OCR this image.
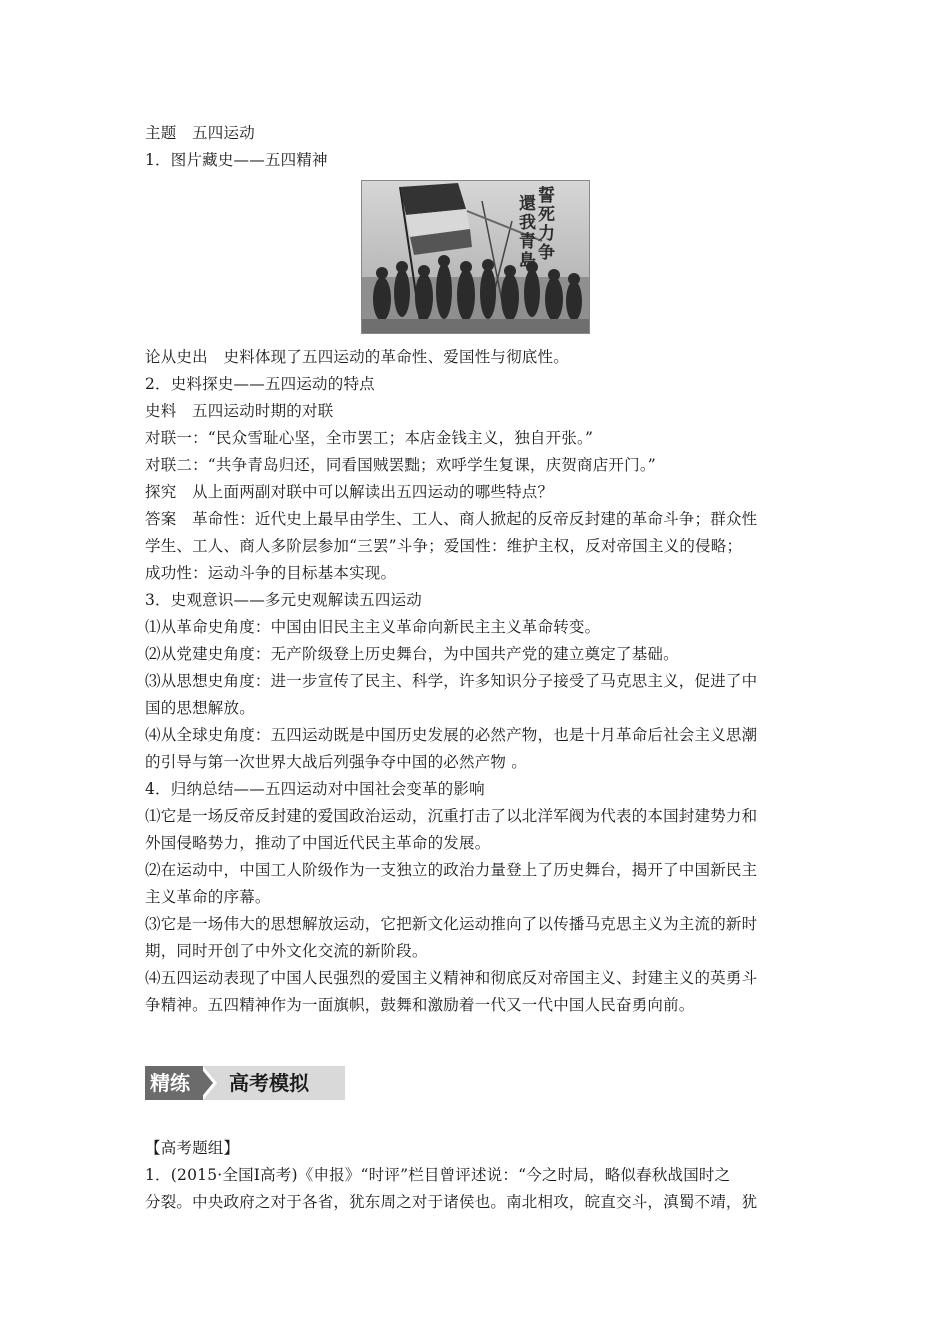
主题　五四运动
1．图片藏史——五四精神
誓死力争
還我青島
论从史出　史料体现了五四运动的革命性、爱国性与彻底性。
2．史料探史——五四运动的特点
史料　五四运动时期的对联
对联一：“民众雪耻心坚，全市罢工；本店金钱主义，独自开张。”
对联二：“共争青岛归还，同看国贼罢黜；欢呼学生复课，庆贺商店开门。”
探究　从上面两副对联中可以解读出五四运动的哪些特点？
答案　革命性：近代史上最早由学生、工人、商人掀起的反帝反封建的革命斗争；群众性
学生、工人、商人多阶层参加“三罢”斗争；爱国性：维护主权，反对帝国主义的侵略；
成功性：运动斗争的目标基本实现。
3．史观意识——多元史观解读五四运动
⑴从革命史角度：中国由旧民主主义革命向新民主主义革命转变。
⑵从党建史角度：无产阶级登上历史舞台，为中国共产党的建立奠定了基础。
⑶从思想史角度：进一步宣传了民主、科学，许多知识分子接受了马克思主义，促进了中
国的思想解放。
⑷从全球史角度：五四运动既是中国历史发展的必然产物，也是十月革命后社会主义思潮
的引导与第一次世界大战后列强争夺中国的必然产物 。
4．归纳总结——五四运动对中国社会变革的影响
⑴它是一场反帝反封建的爱国政治运动，沉重打击了以北洋军阀为代表的本国封建势力和
外国侵略势力，推动了中国近代民主革命的发展。
⑵在运动中，中国工人阶级作为一支独立的政治力量登上了历史舞台，揭开了中国新民主
主义革命的序幕。
⑶它是一场伟大的思想解放运动，它把新文化运动推向了以传播马克思主义为主流的新时
期，同时开创了中外文化交流的新阶段。
⑷五四运动表现了中国人民强烈的爱国主义精神和彻底反对帝国主义、封建主义的英勇斗
争精神。五四精神作为一面旗帜，鼓舞和激励着一代又一代中国人民奋勇向前。
精练 高考模拟
【高考题组】
1．(2015·全国Ⅰ高考)《申报》“时评”栏目曾评述说：“今之时局，略似春秋战国时之
分裂。中央政府之对于各省，犹东周之对于诸侯也。南北相攻，皖直交斗，滇蜀不靖，犹
